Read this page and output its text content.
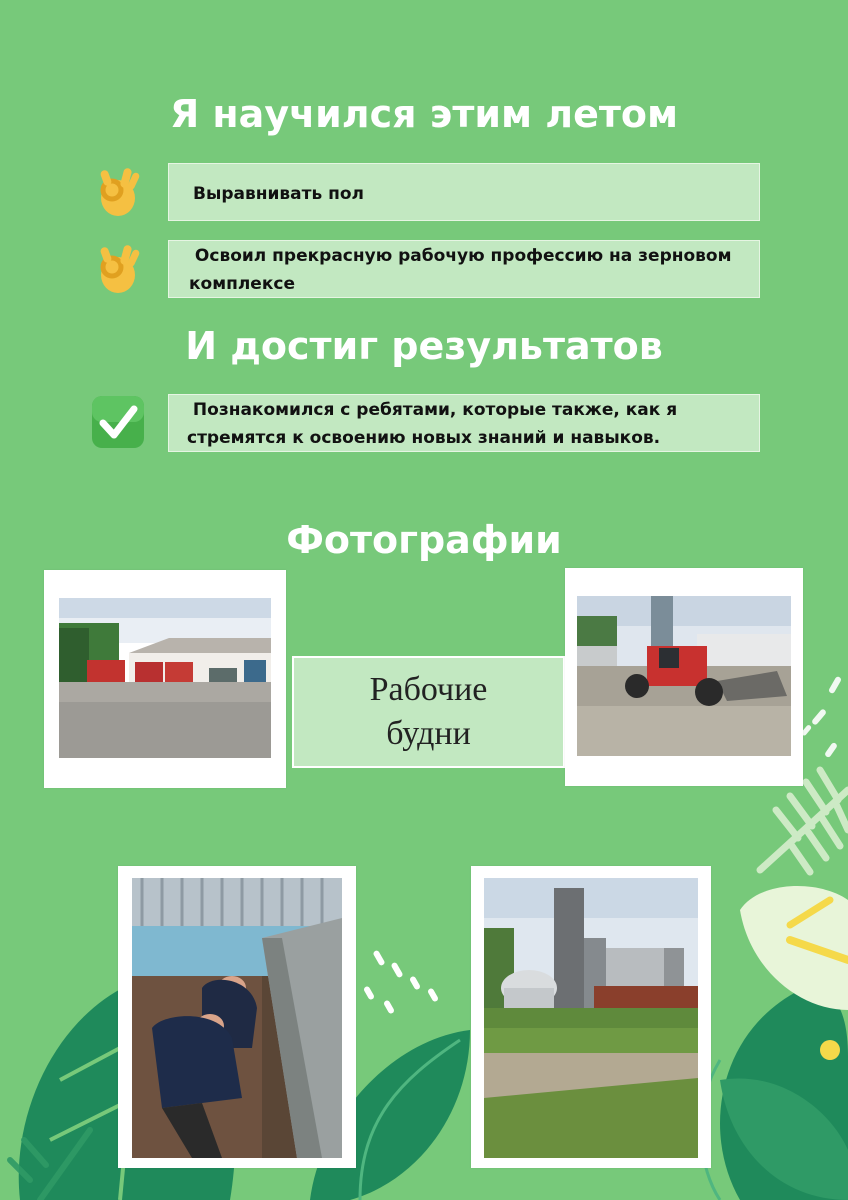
Я научился этим летом
Выравнивать пол
Освоил прекрасную рабочую профессию на зерновом
комплексе
И достиг результатов
Познакомился с ребятами, которые также, как я
стремятся к освоению новых знаний и навыков.
Фотографии
Рабочие
будни
